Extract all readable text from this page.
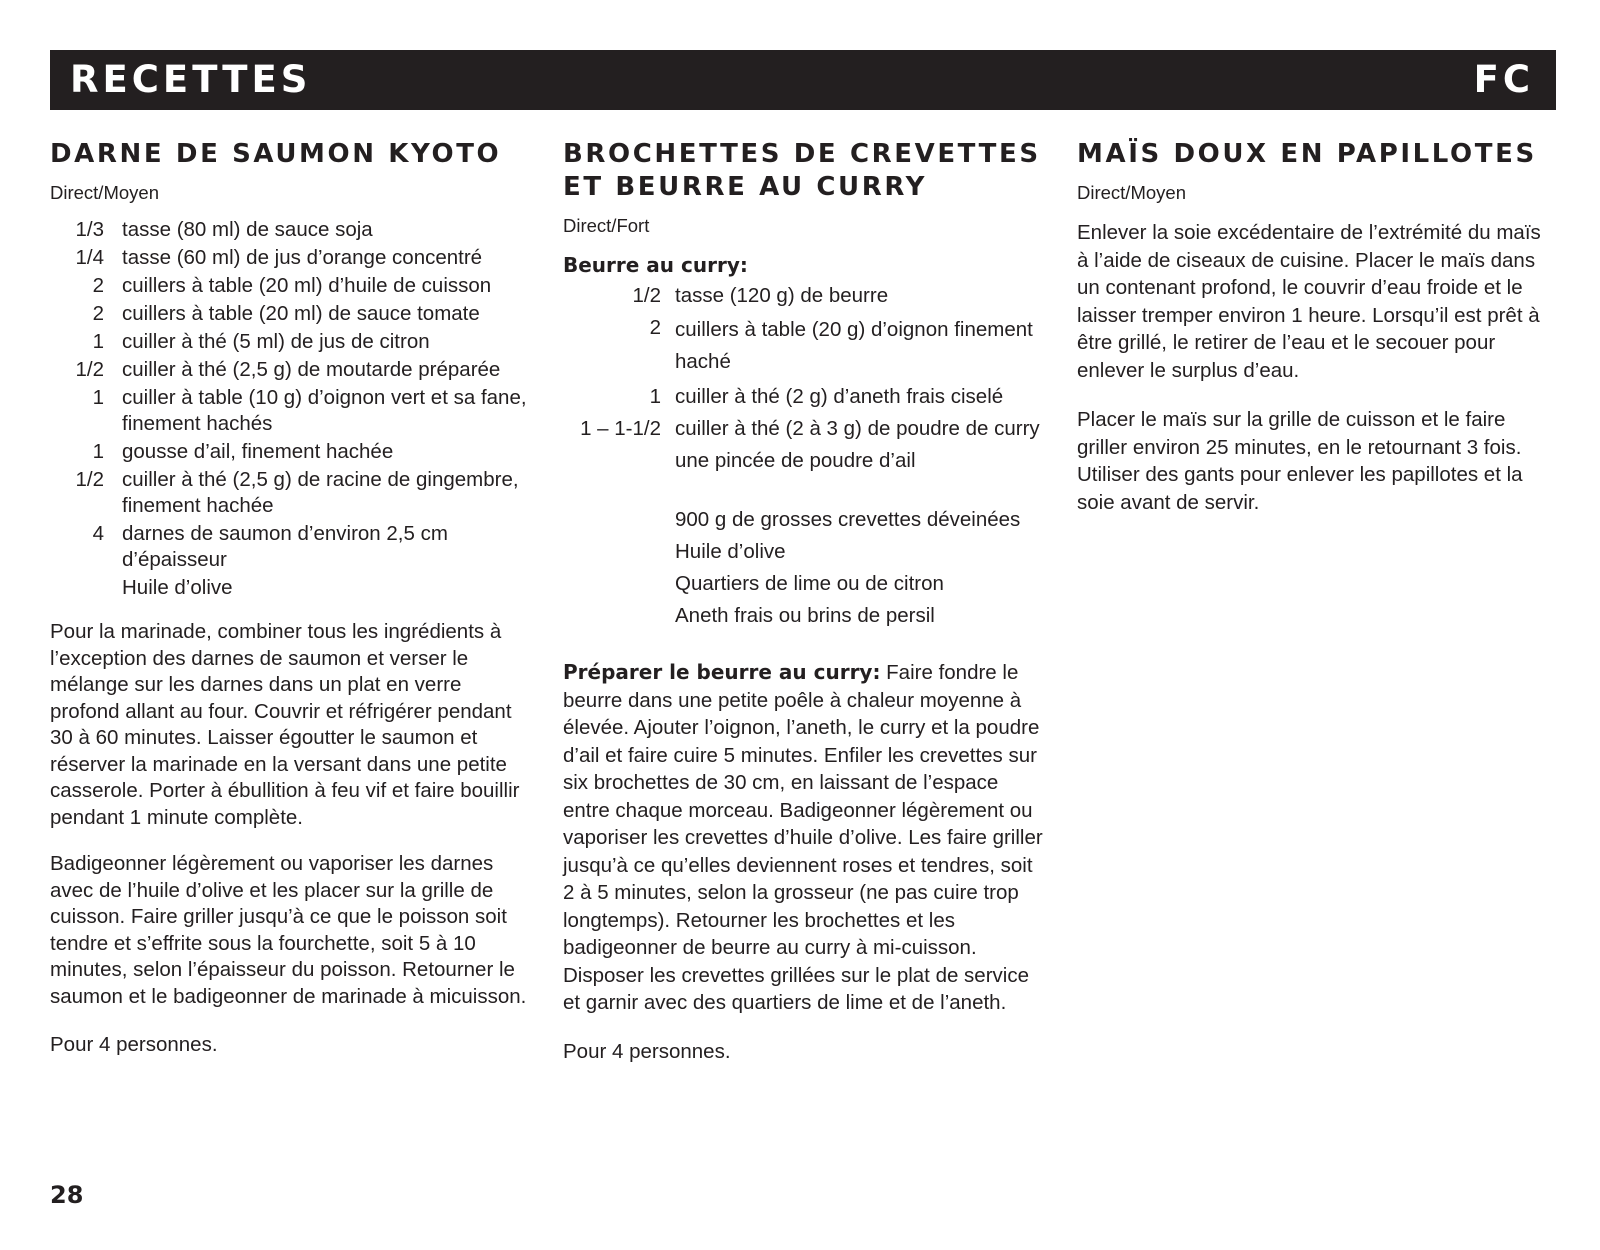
RECETTES	FC
DARNE DE SAUMON KYOTO
Direct/Moyen
1/3 tasse (80 ml) de sauce soja
1/4 tasse (60 ml) de jus d’orange concentré
2 cuillers à table (20 ml) d’huile de cuisson
2 cuillers à table (20 ml) de sauce tomate
1 cuiller à thé (5 ml) de jus de citron
1/2 cuiller à thé (2,5 g) de moutarde préparée
1 cuiller à table (10 g) d’oignon vert et sa fane, finement hachés
1 gousse d’ail, finement hachée
1/2 cuiller à thé (2,5 g) de racine de gingembre, finement hachée
4 darnes de saumon d’environ 2,5 cm d’épaisseur
Huile d’olive

Pour la marinade, combiner tous les ingrédients à l’exception des darnes de saumon et verser le mélange sur les darnes dans un plat en verre profond allant au four. Couvrir et réfrigérer pendant 30 à 60 minutes. Laisser égoutter le saumon et réserver la marinade en la versant dans une petite casserole. Porter à ébullition à feu vif et faire bouillir pendant 1 minute complète.

Badigeonner légèrement ou vaporiser les darnes avec de l’huile d’olive et les placer sur la grille de cuisson. Faire griller jusqu’à ce que le poisson soit tendre et s’effrite sous la fourchette, soit 5 à 10 minutes, selon l’épaisseur du poisson. Retourner le saumon et le badigeonner de marinade à micuisson.

Pour 4 personnes.

BROCHETTES DE CREVETTES ET BEURRE AU CURRY
Direct/Fort
Beurre au curry:
1/2 tasse (120 g) de beurre
2 cuillers à table (20 g) d’oignon finement haché
1 cuiller à thé (2 g) d’aneth frais ciselé
1 – 1-1/2 cuiller à thé (2 à 3 g) de poudre de curry
une pincée de poudre d’ail
900 g de grosses crevettes déveinées
Huile d’olive
Quartiers de lime ou de citron
Aneth frais ou brins de persil

Préparer le beurre au curry: Faire fondre le beurre dans une petite poêle à chaleur moyenne à élevée. Ajouter l’oignon, l’aneth, le curry et la poudre d’ail et faire cuire 5 minutes. Enfiler les crevettes sur six brochettes de 30 cm, en laissant de l’espace entre chaque morceau. Badigeonner légèrement ou vaporiser les crevettes d’huile d’olive. Les faire griller jusqu’à ce qu’elles deviennent roses et tendres, soit 2 à 5 minutes, selon la grosseur (ne pas cuire trop longtemps). Retourner les brochettes et les badigeonner de beurre au curry à mi-cuisson. Disposer les crevettes grillées sur le plat de service et garnir avec des quartiers de lime et de l’aneth.

Pour 4 personnes.

MAÏS DOUX EN PAPILLOTES
Direct/Moyen

Enlever la soie excédentaire de l’extrémité du maïs à l’aide de ciseaux de cuisine. Placer le maïs dans un contenant profond, le couvrir d’eau froide et le laisser tremper environ 1 heure. Lorsqu’il est prêt à être grillé, le retirer de l’eau et le secouer pour enlever le surplus d’eau.

Placer le maïs sur la grille de cuisson et le faire griller environ 25 minutes, en le retournant 3 fois. Utiliser des gants pour enlever les papillotes et la soie avant de servir.

28
